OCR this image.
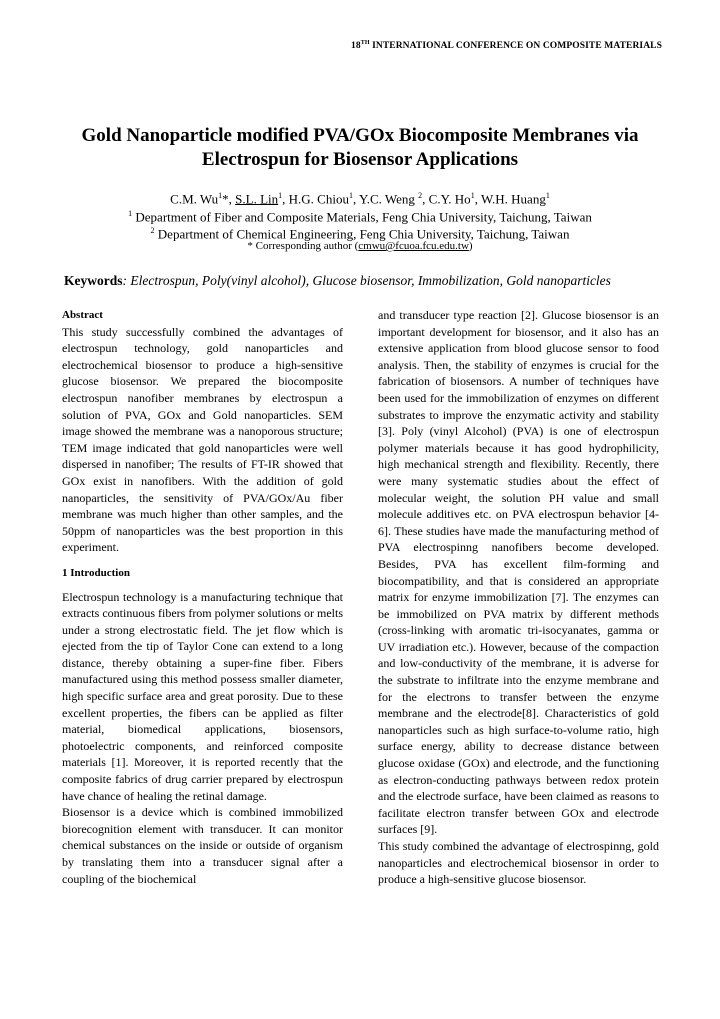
18TH INTERNATIONAL CONFERENCE ON COMPOSITE MATERIALS
Gold Nanoparticle modified PVA/GOx Biocomposite Membranes via
Electrospun for Biosensor Applications
C.M. Wu$^1$*, S.L. Lin$^1$, H.G. Chiou$^1$, Y.C. Weng $^2$, C.Y. Ho$^1$, W.H. Huang$^1$
$^1$ Department of Fiber and Composite Materials, Feng Chia University, Taichung, Taiwan
$^2$ Department of Chemical Engineering, Feng Chia University, Taichung, Taiwan
* Corresponding author (cmwu@fcuoa.fcu.edu.tw)
Keywords: Electrospun, Poly(vinyl alcohol), Glucose biosensor, Immobilization, Gold nanoparticles

Abstract

This study successfully combined the advantages of electrospun technology, gold nanoparticles and electrochemical biosensor to produce a high-sensitive glucose biosensor. We prepared the biocomposite electrospun nanofiber membranes by electrospun a solution of PVA, GOx and Gold nanoparticles. SEM image showed the membrane was a nanoporous structure; TEM image indicated that gold nanoparticles were well dispersed in nanofiber; The results of FT-IR showed that GOx exist in nanofibers. With the addition of gold nanoparticles, the sensitivity of PVA/GOx/Au fiber membrane was much higher than other samples, and the 50ppm of nanoparticles was the best proportion in this experiment.

1 Introduction

Electrospun technology is a manufacturing technique that extracts continuous fibers from polymer solutions or melts under a strong electrostatic field. The jet flow which is ejected from the tip of Taylor Cone can extend to a long distance, thereby obtaining a super-fine fiber. Fibers manufactured using this method possess smaller diameter, high specific surface area and great porosity. Due to these excellent properties, the fibers can be applied as filter material, biomedical applications, biosensors, photoelectric components, and reinforced composite materials [1]. Moreover, it is reported recently that the composite fabrics of drug carrier prepared by electrospun have chance of healing the retinal damage.

Biosensor is a device which is combined immobilized biorecognition element with transducer. It can monitor chemical substances on the inside or outside of organism by translating them into a transducer signal after a coupling of the biochemical

and transducer type reaction [2]. Glucose biosensor is an important development for biosensor, and it also has an extensive application from blood glucose sensor to food analysis. Then, the stability of enzymes is crucial for the fabrication of biosensors. A number of techniques have been used for the immobilization of enzymes on different substrates to improve the enzymatic activity and stability [3]. Poly (vinyl Alcohol) (PVA) is one of electrospun polymer materials because it has good hydrophilicity, high mechanical strength and flexibility. Recently, there were many systematic studies about the effect of molecular weight, the solution PH value and small molecule additives etc. on PVA electrospun behavior [4-6]. These studies have made the manufacturing method of PVA electrospinng nanofibers become developed. Besides, PVA has excellent film-forming and biocompatibility, and that is considered an appropriate matrix for enzyme immobilization [7]. The enzymes can be immobilized on PVA matrix by different methods (cross-linking with aromatic tri-isocyanates, gamma or UV irradiation etc.). However, because of the compaction and low-conductivity of the membrane, it is adverse for the substrate to infiltrate into the enzyme membrane and for the electrons to transfer between the enzyme membrane and the electrode[8]. Characteristics of gold nanoparticles such as high surface-to-volume ratio, high surface energy, ability to decrease distance between glucose oxidase (GOx) and electrode, and the functioning as electron-conducting pathways between redox protein and the electrode surface, have been claimed as reasons to facilitate electron transfer between GOx and electrode surfaces [9].

This study combined the advantage of electrospinng, gold nanoparticles and electrochemical biosensor in order to produce a high-sensitive glucose biosensor.
